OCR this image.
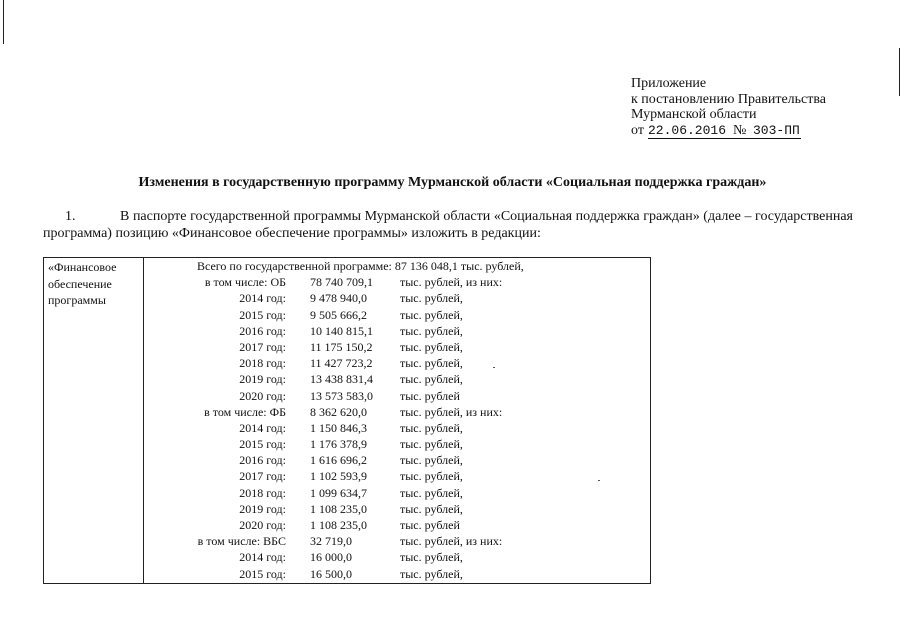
Приложение
к постановлению Правительства
Мурманской области
от 22.06.2016 № 303-ПП
Изменения в государственную программу Мурманской области «Социальная поддержка граждан»
1.	В паспорте государственной программы Мурманской области «Социальная поддержка граждан» (далее – государственная программа) позицию «Финансовое обеспечение программы» изложить в редакции:
«Финансовое
обеспечение
программы
Всего по государственной программе: 87 136 048,1 тыс. рублей,
в том числе: ОБ 78 740 709,1 тыс. рублей, из них:
2014 год: 9 478 940,0	тыс. рублей,
2015 год: 9 505 666,2	тыс. рублей,
2016 год: 10 140 815,1 тыс. рублей,
2017 год: 11 175 150,2 тыс. рублей,
2018 год: 11 427 723,2 тыс. рублей,
2019 год: 13 438 831,4 тыс. рублей,
2020 год: 13 573 583,0 тыс. рублей
в том числе: ФБ 8 362 620,0	тыс. рублей, из них:
2014 год: 1 150 846,3	тыс. рублей,
2015 год: 1 176 378,9	тыс. рублей,
2016 год: 1 616 696,2	тыс. рублей,
2017 год: 1 102 593,9	тыс. рублей,
2018 год: 1 099 634,7	тыс. рублей,
2019 год: 1 108 235,0	тыс. рублей,
2020 год: 1 108 235,0	тыс. рублей
в том числе: ВБС 32 719,0	тыс. рублей, из них:
2014 год: 16 000,0	тыс. рублей,
2015 год: 16 500,0	тыс. рублей,
